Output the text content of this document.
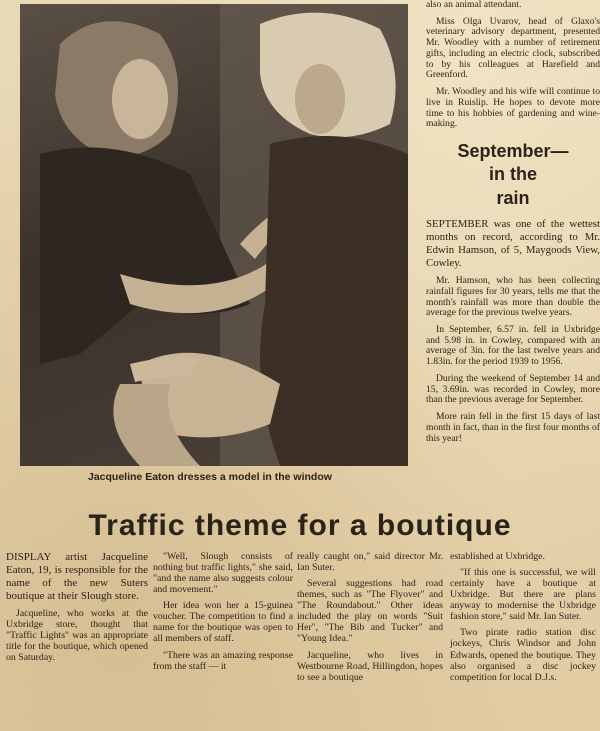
Jacqueline Eaton dresses a model in the window

also an animal attendant.

Miss Olga Uvarov, head of Glaxo's veterinary advisory department, presented Mr. Woodley with a number of retirement gifts, including an electric clock, subscribed to by his colleagues at Harefield and Greenford.

Mr. Woodley and his wife will continue to live in Ruislip. He hopes to devote more time to his hobbies of gardening and wine-making.

September—
in the
rain

SEPTEMBER was one of the wettest months on record, according to Mr. Edwin Hamson, of 5, Maygoods View, Cowley.

Mr. Hamson, who has been collecting rainfall figures for 30 years, tells me that the month's rainfall was more than double the average for the previous twelve years.

In September, 6.57 in. fell in Uxbridge and 5.98 in. in Cowley, compared with an average of 3in. for the last twelve years and 1.83in. for the period 1939 to 1956.

During the weekend of September 14 and 15, 3.69in. was recorded in Cowley, more than the previous average for September.

More rain fell in the first 15 days of last month in fact, than in the first four months of this year!

Traffic theme for a boutique

DISPLAY artist Jacqueline Eaton, 19, is responsible for the name of the new Suters boutique at their Slough store.

Jacqueline, who works at the Uxbridge store, thought that "Traffic Lights" was an appropriate title for the boutique, which opened on Saturday.

"Well, Slough consists of nothing but traffic lights," she said, "and the name also suggests colour and movement."

Her idea won her a 15-guinea voucher. The competition to find a name for the boutique was open to all members of staff.

"There was an amazing response from the staff — it

really caught on," said director Mr. Ian Suter.

Several suggestions had road themes, such as "The Flyover" and "The Roundabout." Other ideas included the play on words "Suit Her", "The Bib and Tucker" and "Young Idea."

Jacqueline, who lives in Westbourne Road, Hillingdon, hopes to see a boutique

established at Uxbridge.

"If this one is successful, we will certainly have a boutique at Uxbridge. But there are plans anyway to modernise the Uxbridge fashion store," said Mr. Ian Suter.

Two pirate radio station disc jockeys, Chris Windsor and John Edwards, opened the boutique. They also organised a disc jockey competition for local D.J.s.
